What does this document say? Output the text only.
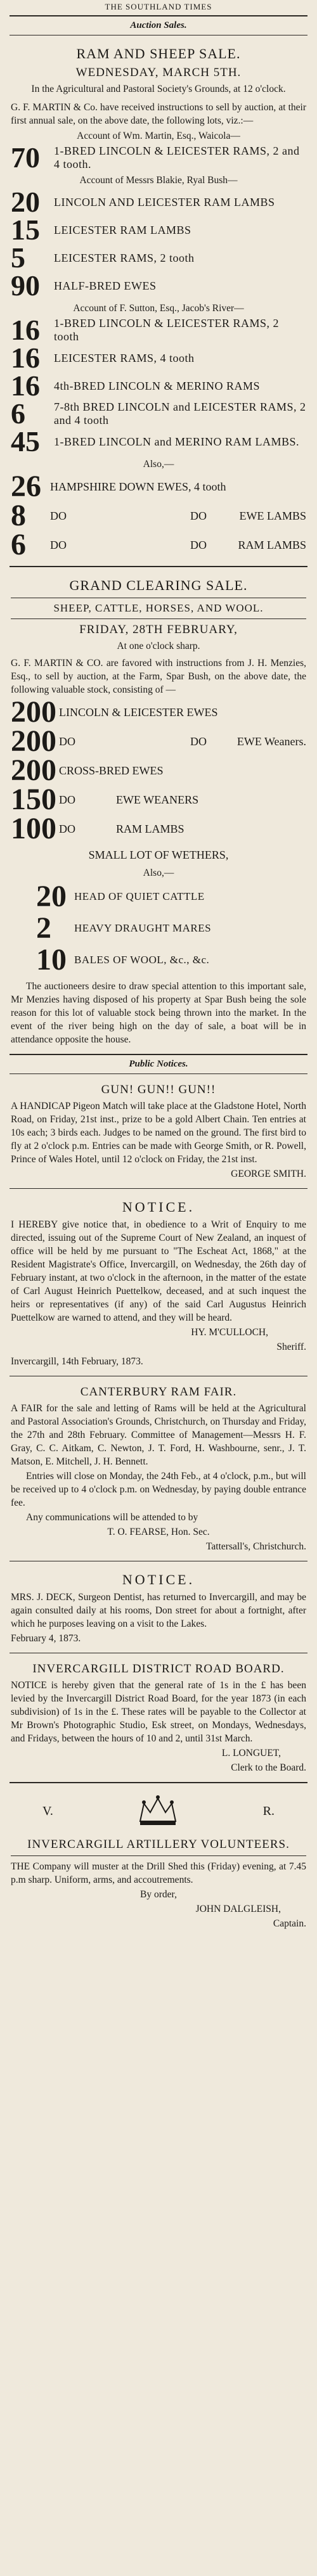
THE SOUTHLAND TIMES
Auction Sales.
RAM AND SHEEP SALE.
WEDNESDAY, MARCH 5TH.
In the Agricultural and Pastoral Society's Grounds, at 12 o'clock.
G. F. MARTIN & Co. have received instructions to sell by auction, at their first annual sale, on the above date, the following lots, viz.:—
Account of Wm. Martin, Esq., Waicola—
70	1-BRED LINCOLN & LEICESTER RAMS, 2 and 4 tooth.
Account of Messrs Blakie, Ryal Bush—
20	LINCOLN AND LEICESTER RAM LAMBS
15	LEICESTER RAM LAMBS
5	LEICESTER RAMS, 2 tooth
90	HALF-BRED EWES
Account of F. Sutton, Esq., Jacob's River—
16	1-BRED LINCOLN & LEICESTER RAMS, 2 tooth
16	LEICESTER RAMS, 4 tooth
16	4th-BRED LINCOLN & MERINO RAMS
6	7-8th BRED LINCOLN and LEICESTER RAMS, 2 and 4 tooth
45	1-BRED LINCOLN and MERINO RAM LAMBS.
Also,—
26 HAMPSHIRE DOWN EWES, 4 tooth
8	DO	DO	EWE LAMBS
6	DO	DO	RAM LAMBS
GRAND CLEARING SALE.
SHEEP, CATTLE, HORSES, AND WOOL.
FRIDAY, 28TH FEBRUARY,
At one o'clock sharp.
G. F. MARTIN & CO. are favored with instructions from J. H. Menzies, Esq., to sell by auction, at the Farm, Spar Bush, on the above date, the following valuable stock, consisting of —
200 LINCOLN & LEICESTER EWES
200 DO	DO	EWE Weaners.
200 CROSS-BRED EWES
150 DO	EWE WEANERS
100 DO	RAM LAMBS
SMALL LOT OF WETHERS,
Also,—
20 HEAD OF QUIET CATTLE
2	HEAVY DRAUGHT MARES
10 BALES OF WOOL, &c., &c.
The auctioneers desire to draw special attention to this important sale, Mr Menzies having disposed of his property at Spar Bush being the sole reason for this lot of valuable stock being thrown into the market. In the event of the river being high on the day of sale, a boat will be in attendance opposite the house.
Public Notices.
GUN! GUN!! GUN!!
A HANDICAP Pigeon Match will take place at the Gladstone Hotel, North Road, on Friday, 21st inst., prize to be a gold Albert Chain. Ten entries at 10s each; 3 birds each. Judges to be named on the ground. The first bird to fly at 2 o'clock p.m. Entries can be made with George Smith, or R. Powell, Prince of Wales Hotel, until 12 o'clock on Friday, the 21st inst.
GEORGE SMITH.
NOTICE.
I HEREBY give notice that, in obedience to a Writ of Enquiry to me directed, issuing out of the Supreme Court of New Zealand, an inquest of office will be held by me pursuant to "The Escheat Act, 1868," at the Resident Magistrate's Office, Invercargill, on Wednesday, the 26th day of February instant, at two o'clock in the afternoon, in the matter of the estate of Carl August Heinrich Puettelkow, deceased, and at such inquest the heirs or representatives (if any) of the said Carl Augustus Heinrich Puettelkow are warned to attend, and they will be heard.
HY. M'CULLOCH,
Sheriff.
Invercargill, 14th February, 1873.
CANTERBURY RAM FAIR.
A FAIR for the sale and letting of Rams will be held at the Agricultural and Pastoral Association's Grounds, Christchurch, on Thursday and Friday, the 27th and 28th February. Committee of Management—Messrs H. F. Gray, C. C. Aitkam, C. Newton, J. T. Ford, H. Washbourne, senr., J. T. Matson, E. Mitchell, J. H. Bennett.
Entries will close on Monday, the 24th Feb., at 4 o'clock, p.m., but will be received up to 4 o'clock p.m. on Wednesday, by paying double entrance fee.
Any communications will be attended to by
T. O. FEARSE, Hon. Sec.
Tattersall's, Christchurch.
NOTICE.
MRS. J. DECK, Surgeon Dentist, has returned to Invercargill, and may be again consulted daily at his rooms, Don street for about a fortnight, after which he purposes leaving on a visit to the Lakes.
February 4, 1873.
INVERCARGILL DISTRICT ROAD BOARD.
NOTICE is hereby given that the general rate of 1s in the £ has been levied by the Invercargill District Road Board, for the year 1873 (in each subdivision) of 1s in the £. These rates will be payable to the Collector at Mr Brown's Photographic Studio, Esk street, on Mondays, Wednesdays, and Fridays, between the hours of 10 and 2, until 31st March.
L. LONGUET,
Clerk to the Board.
V.	R.
INVERCARGILL ARTILLERY VOLUNTEERS.
THE Company will muster at the Drill Shed this (Friday) evening, at 7.45 p.m sharp. Uniform, arms, and accoutrements.
By order,
JOHN DALGLEISH,
Captain.
